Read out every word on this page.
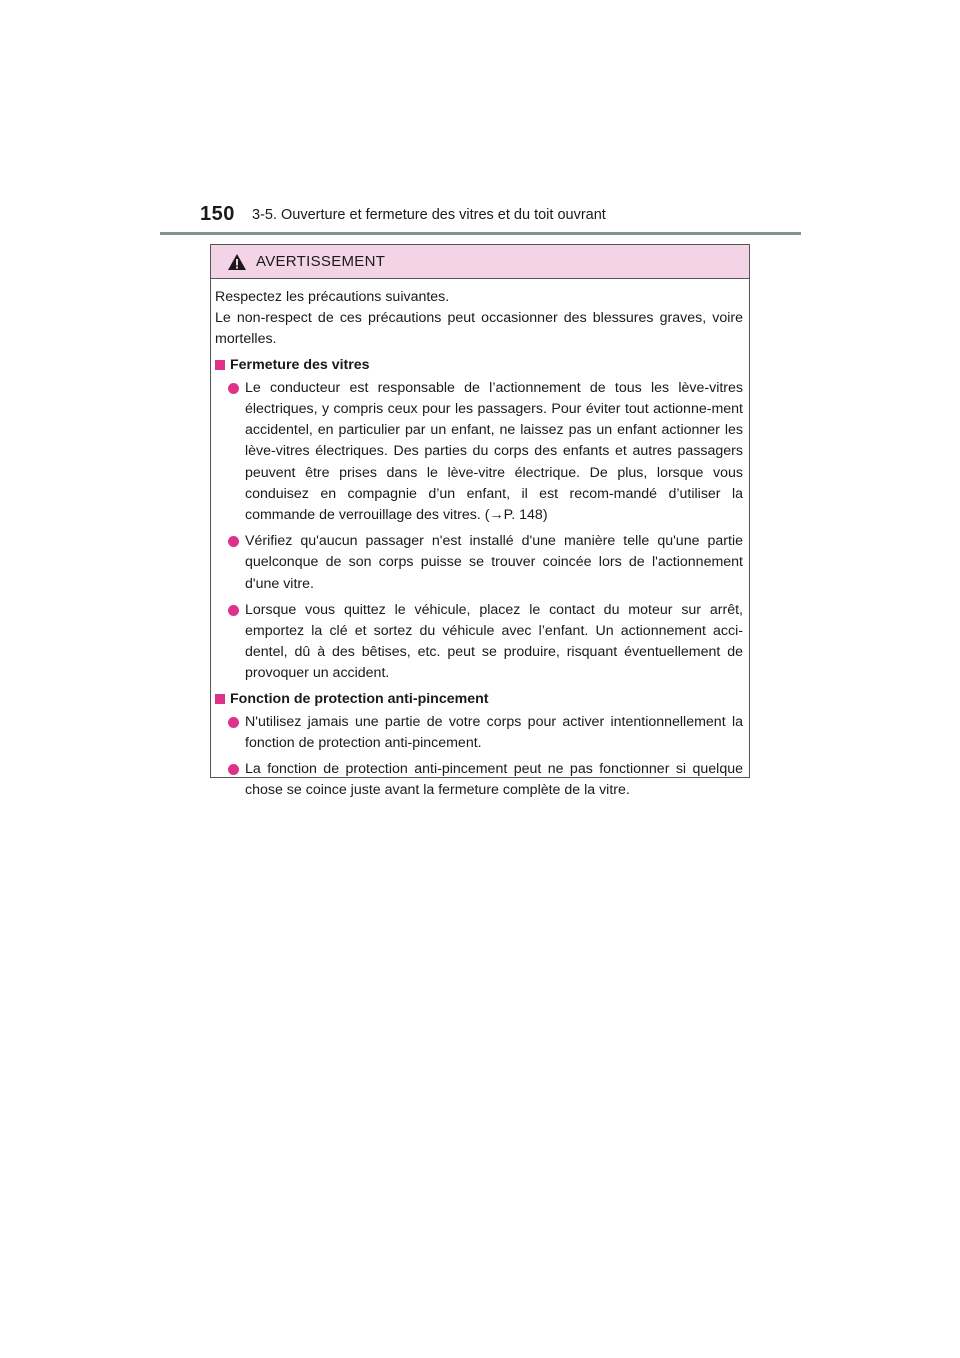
150 3-5. Ouverture et fermeture des vitres et du toit ouvrant
AVERTISSEMENT

Respectez les précautions suivantes.

Le non-respect de ces précautions peut occasionner des blessures graves, voire mortelles.

Fermeture des vitres

Le conducteur est responsable de l’actionnement de tous les lève-vitres électriques, y compris ceux pour les passagers. Pour éviter tout actionne-ment accidentel, en particulier par un enfant, ne laissez pas un enfant actionner les lève-vitres électriques. Des parties du corps des enfants et autres passagers peuvent être prises dans le lève-vitre électrique. De plus, lorsque vous conduisez en compagnie d’un enfant, il est recom-mandé d’utiliser la commande de verrouillage des vitres. (→P. 148)

Vérifiez qu'aucun passager n'est installé d'une manière telle qu'une partie quelconque de son corps puisse se trouver coincée lors de l'actionnement d'une vitre.

Lorsque vous quittez le véhicule, placez le contact du moteur sur arrêt, emportez la clé et sortez du véhicule avec l’enfant. Un actionnement acci-dentel, dû à des bêtises, etc. peut se produire, risquant éventuellement de provoquer un accident.

Fonction de protection anti-pincement

N'utilisez jamais une partie de votre corps pour activer intentionnellement la fonction de protection anti-pincement.

La fonction de protection anti-pincement peut ne pas fonctionner si quelque chose se coince juste avant la fermeture complète de la vitre.
